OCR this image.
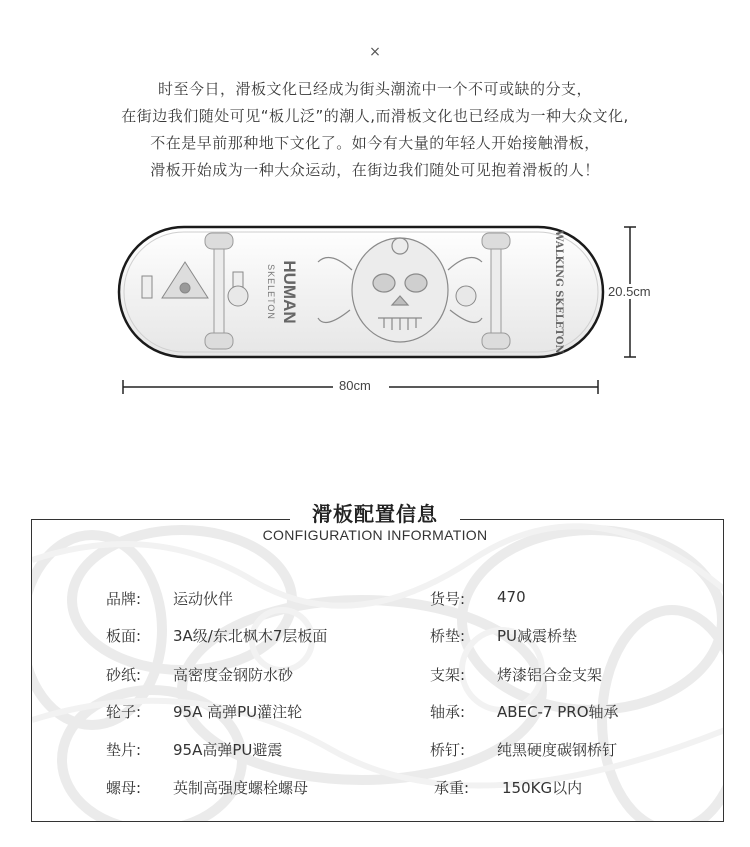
×
时至今日，滑板文化已经成为街头潮流中一个不可或缺的分支，
在街边我们随处可见“板儿泛”的潮人,而滑板文化也已经成为一种大众文化,
不在是早前那种地下文化了。如今有大量的年轻人开始接触滑板，
滑板开始成为一种大众运动，在街边我们随处可见抱着滑板的人！
HUMAN
SKELETON	WALKING SKELETON	20.5cm
80cm
滑板配置信息
CONFIGURATION INFORMATION
品牌: 运动伙伴	货号: 470
板面: 3A级/东北枫木7层板面	桥垫: PU减震桥垫
砂纸: 高密度金钢防水砂	支架: 烤漆铝合金支架
轮子: 95A 高弹PU灌注轮	轴承: ABEC-7 PRO轴承
垫片: 95A高弹PU避震	桥钉: 纯黑硬度碳钢桥钉
螺母: 英制高强度螺栓螺母	承重: 150KG以内
